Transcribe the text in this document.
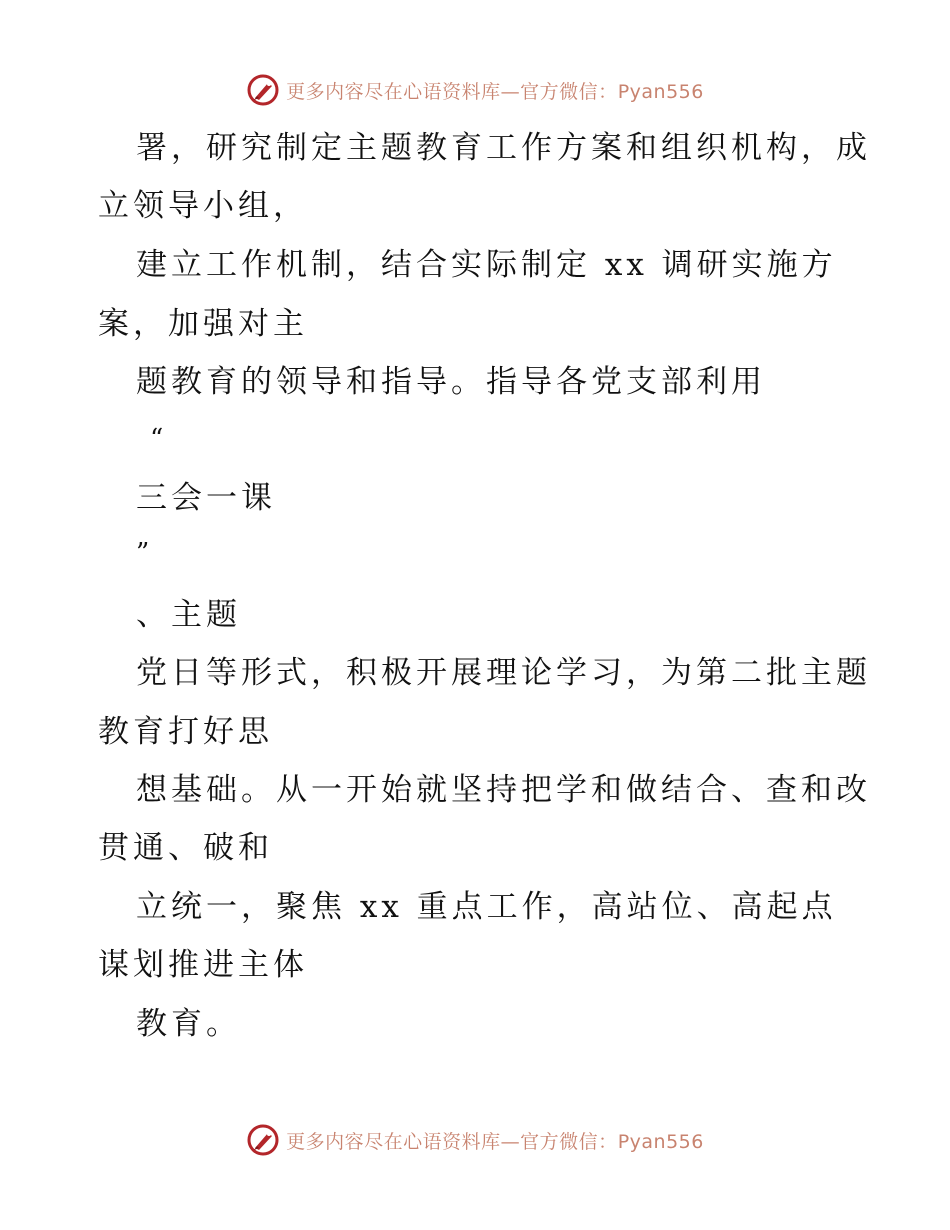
更多内容尽在心语资料库—官方微信：Pyan556
署，研究制定主题教育工作方案和组织机构，成
立领导小组，
建立工作机制，结合实际制定 xx 调研实施方
案，加强对主
题教育的领导和指导。指导各党支部利用
“
三会一课
”
、主题
党日等形式，积极开展理论学习，为第二批主题
教育打好思
想基础。从一开始就坚持把学和做结合、查和改
贯通、破和
立统一，聚焦 xx 重点工作，高站位、高起点
谋划推进主体
教育。
更多内容尽在心语资料库—官方微信：Pyan556
